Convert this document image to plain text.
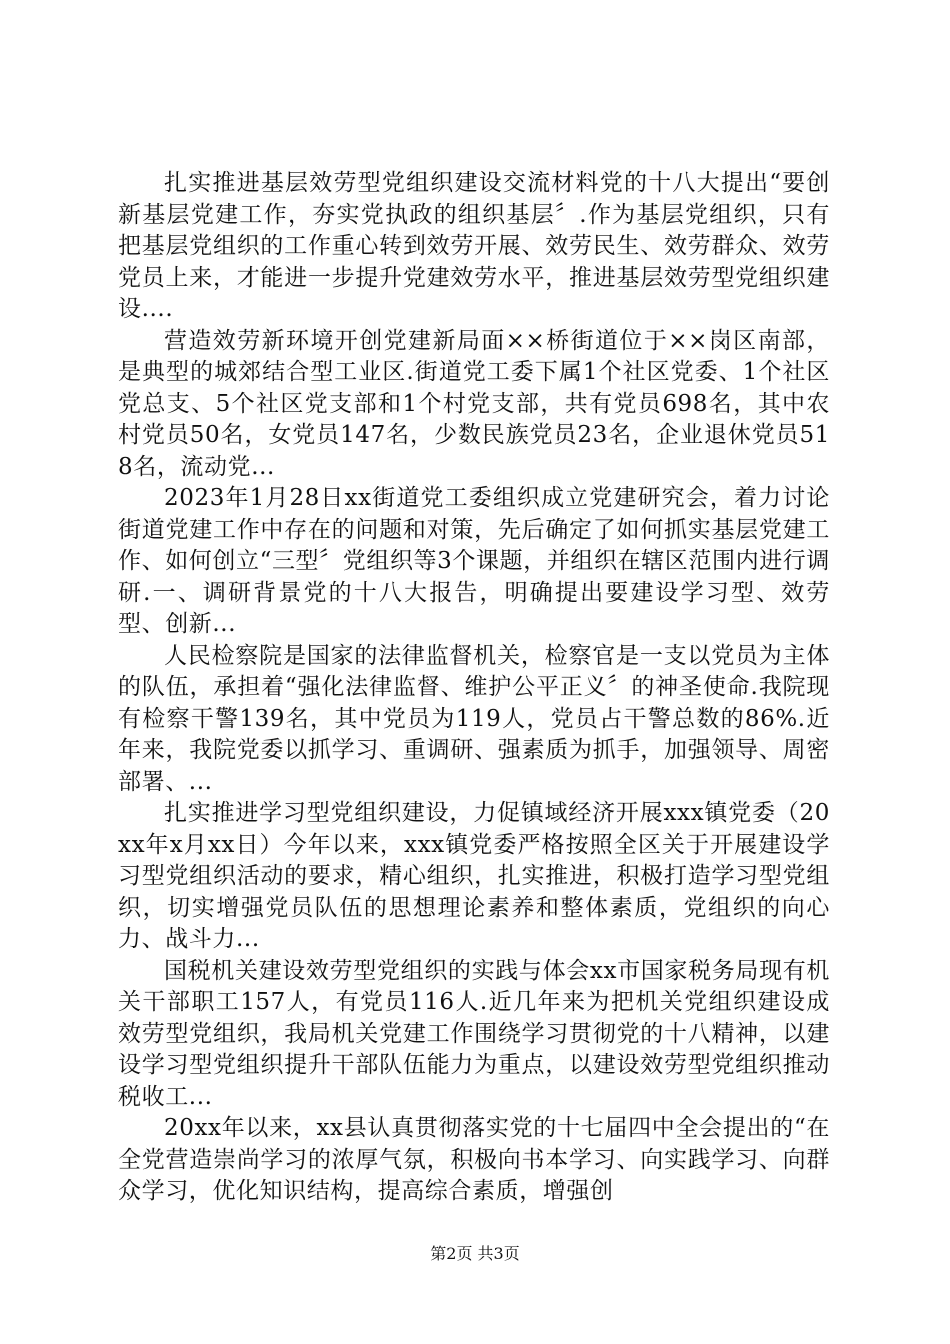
扎实推进基层效劳型党组织建设交流材料党的十八大提出“要创新基层党建工作，夯实党执政的组织基层〞.作为基层党组织，只有把基层党组织的工作重心转到效劳开展、效劳民生、效劳群众、效劳党员上来，才能进一步提升党建效劳水平，推进基层效劳型党组织建设....

营造效劳新环境开创党建新局面××桥街道位于××岗区南部，是典型的城郊结合型工业区.街道党工委下属1个社区党委、1个社区党总支、5个社区党支部和1个村党支部，共有党员698名，其中农村党员50名，女党员147名，少数民族党员23名，企业退休党员518名，流动党...

2023年1月28日xx街道党工委组织成立党建研究会，着力讨论街道党建工作中存在的问题和对策，先后确定了如何抓实基层党建工作、如何创立“三型〞党组织等3个课题，并组织在辖区范围内进行调研.一、调研背景党的十八大报告，明确提出要建设学习型、效劳型、创新...

人民检察院是国家的法律监督机关，检察官是一支以党员为主体的队伍，承担着“强化法律监督、维护公平正义〞的神圣使命.我院现有检察干警139名，其中党员为119人，党员占干警总数的86%.近年来，我院党委以抓学习、重调研、强素质为抓手，加强领导、周密部署、...

扎实推进学习型党组织建设，力促镇域经济开展xxx镇党委（20xx年x月xx日）今年以来，xxx镇党委严格按照全区关于开展建设学习型党组织活动的要求，精心组织，扎实推进，积极打造学习型党组织，切实增强党员队伍的思想理论素养和整体素质，党组织的向心力、战斗力...

国税机关建设效劳型党组织的实践与体会xx市国家税务局现有机关干部职工157人，有党员116人.近几年来为把机关党组织建设成效劳型党组织，我局机关党建工作围绕学习贯彻党的十八精神，以建设学习型党组织提升干部队伍能力为重点，以建设效劳型党组织推动税收工...

20xx年以来，xx县认真贯彻落实党的十七届四中全会提出的“在全党营造崇尚学习的浓厚气氛，积极向书本学习、向实践学习、向群众学习，优化知识结构，提高综合素质，增强创

第2页 共3页
